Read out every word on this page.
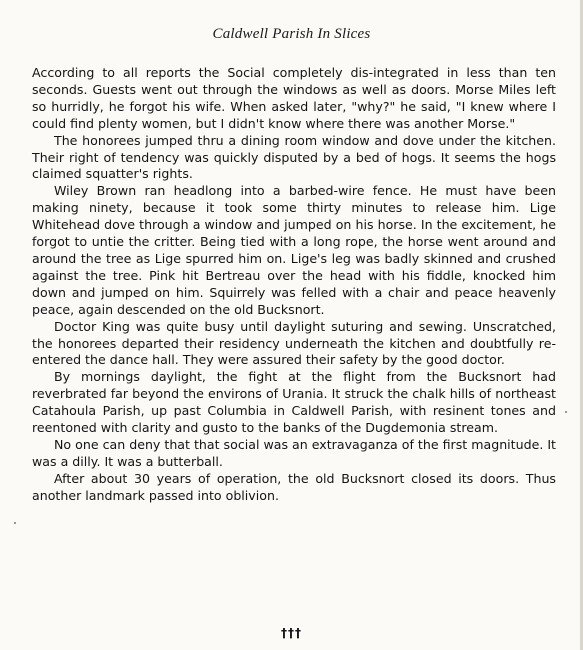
Caldwell Parish In Slices

According to all reports the Social completely dis-integrated in less than ten seconds. Guests went out through the windows as well as doors. Morse Miles left so hurridly, he forgot his wife. When asked later, "why?" he said, "I knew where I could find plenty women, but I didn't know where there was another Morse."

The honorees jumped thru a dining room window and dove under the kitchen. Their right of tendency was quickly disputed by a bed of hogs. It seems the hogs claimed squatter's rights.

Wiley Brown ran headlong into a barbed-wire fence. He must have been making ninety, because it took some thirty minutes to release him. Lige Whitehead dove through a window and jumped on his horse. In the excitement, he forgot to untie the critter. Being tied with a long rope, the horse went around and around the tree as Lige spurred him on. Lige's leg was badly skinned and crushed against the tree. Pink hit Bertreau over the head with his fiddle, knocked him down and jumped on him. Squirrely was felled with a chair and peace heavenly peace, again descended on the old Bucksnort.

Doctor King was quite busy until daylight suturing and sewing. Unscratched, the honorees departed their residency underneath the kitchen and doubtfully re-entered the dance hall. They were assured their safety by the good doctor.

By mornings daylight, the fight at the flight from the Bucksnort had reverbrated far beyond the environs of Urania. It struck the chalk hills of northeast Catahoula Parish, up past Columbia in Caldwell Parish, with resinent tones and reentoned with clarity and gusto to the banks of the Dugdemonia stream.

No one can deny that that social was an extravaganza of the first magnitude. It was a dilly. It was a butterball.

After about 30 years of operation, the old Bucksnort closed its doors. Thus another landmark passed into oblivion.

†††
